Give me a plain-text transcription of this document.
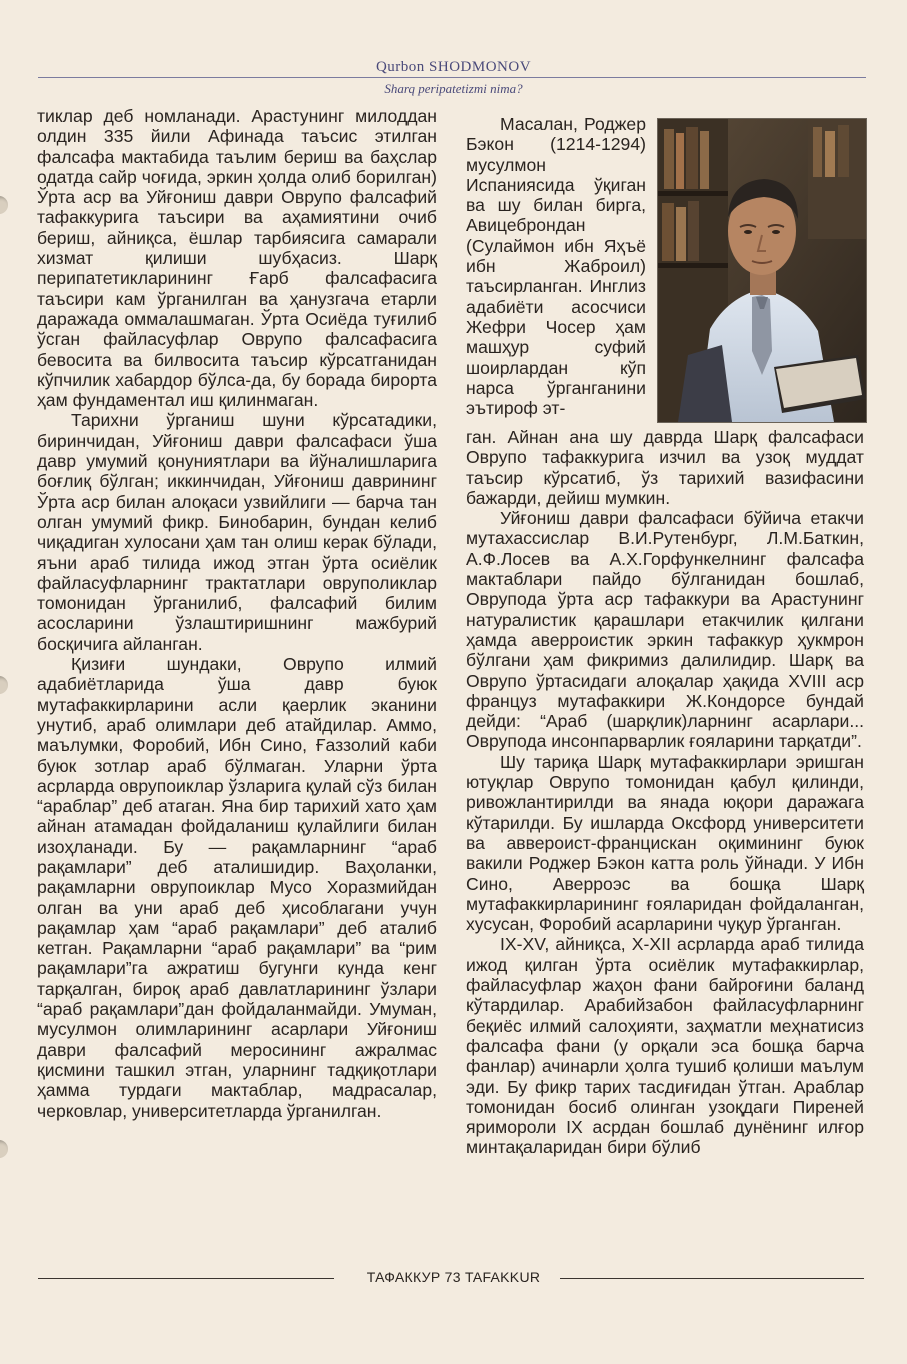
Qurbon SHODMONOV
Sharq peripatetizmi nima?

тиклар деб номланади. Арастунинг милоддан олдин 335 йили Афинада таъсис этилган фалсафа мактабида таълим бериш ва баҳслар одатда сайр чоғида, эркин ҳолда олиб борилган) Ўрта аср ва Уйғониш даври Оврупо фалсафий тафаккурига таъсири ва аҳамиятини очиб бериш, айниқса, ёшлар тарбиясига самарали хизмат қилиши шубҳасиз. Шарқ перипатетикларининг Ғарб фалсафасига таъсири кам ўрганилган ва ҳанузгача етарли даражада оммалашмаган. Ўрта Осиёда туғилиб ўсган файласуфлар Оврупо фалсафасига бевосита ва билвосита таъсир кўрсатганидан кўпчилик хабардор бўлса-да, бу борада бирорта ҳам фундаментал иш қилинмаган.

Тарихни ўрганиш шуни кўрсатадики, биринчидан, Уйғониш даври фалсафаси ўша давр умумий қонуниятлари ва йўналишларига боғлиқ бўлган; иккинчидан, Уйғониш даврининг Ўрта аср билан алоқаси узвийлиги — барча тан олган умумий фикр. Бинобарин, бундан келиб чиқадиган хулосани ҳам тан олиш керак бўлади, яъни араб тилида ижод этган ўрта осиёлик файласуфларнинг трактатлари овруполиклар томонидан ўрганилиб, фалсафий билим асосларини ўзлаштиришнинг мажбурий босқичига айланган.

Қизиғи шундаки, Оврупо илмий адабиётларида ўша давр буюк мутафаккирларини асли қаерлик эканини унутиб, араб олимлари деб атайдилар. Аммо, маълумки, Форобий, Ибн Сино, Ғаззолий каби буюк зотлар араб бўлмаган. Уларни ўрта асрларда оврупоиклар ўзларига қулай сўз билан “араблар” деб атаган. Яна бир тарихий хато ҳам айнан атамадан фойдаланиш қулайлиги билан изоҳланади. Бу — рақамларнинг “араб рақамлари” деб аталишидир. Ваҳоланки, рақамларни оврупоиклар Мусо Хоразмийдан олган ва уни араб деб ҳисоблагани учун рақамлар ҳам “араб рақамлари” деб аталиб кетган. Рақамларни “араб рақамлари” ва “рим рақамлари”га ажратиш бугунги кунда кенг тарқалган, бироқ араб давлатларининг ўзлари “араб рақамлари”дан фойдаланмайди. Умуман, мусулмон олимларининг асарлари Уйғониш даври фалсафий меросининг ажралмас қисмини ташкил этган, уларнинг тадқиқотлари ҳамма турдаги мактаблар, мадрасалар, черковлар, университетларда ўрганилган.

Масалан, Роджер Бэкон (1214-1294) мусулмон Испаниясида ўқиган ва шу билан бирга, Авицеброндан (Сулаймон ибн Яҳъё ибн Жаброил) таъсирланган. Инглиз адабиёти асосчиси Жефри Чосер ҳам машҳур суфий шоирлардан кўп нарса ўрганганини эътироф эт-

ган. Айнан ана шу даврда Шарқ фалсафаси Оврупо тафаккурига изчил ва узоқ муддат таъсир кўрсатиб, ўз тарихий вазифасини бажарди, дейиш мумкин.

Уйғониш даври фалсафаси бўйича етакчи мутахассислар В.И.Рутенбург, Л.М.Баткин, А.Ф.Лосев ва А.Х.Горфункелнинг фалсафа мактаблари пайдо бўлганидан бошлаб, Оврупода ўрта аср тафаккури ва Арастунинг натуралистик қарашлари етакчилик қилгани ҳамда аверроистик эркин тафаккур ҳукмрон бўлгани ҳам фикримиз далилидир. Шарқ ва Оврупо ўртасидаги алоқалар ҳақида XVIII аср француз мутафаккири Ж.Кондорсе бундай дейди: “Араб (шарқлик)ларнинг асарлари... Оврупода инсонпарварлик ғояларини тарқатди”.

Шу тариқа Шарқ мутафаккирлари эришган ютуқлар Оврупо томонидан қабул қилинди, ривожлантирилди ва янада юқори даражага кўтарилди. Бу ишларда Оксфорд университети ва аввероист-францискан оқимининг буюк вакили Роджер Бэкон катта роль ўйнади. У Ибн Сино, Аверроэс ва бошқа Шарқ мутафаккирларининг ғояларидан фойдаланган, хусусан, Форобий асарларини чуқур ўрганган.

IX-XV, айниқса, X-XII асрларда араб тилида ижод қилган ўрта осиёлик мутафаккирлар, файласуфлар жаҳон фани байроғини баланд кўтардилар. Арабийзабон файласуфларнинг беқиёс илмий салоҳияти, заҳматли меҳнатисиз фалсафа фани (у орқали эса бошқа барча фанлар) ачинарли ҳолга тушиб қолиши маълум эди. Бу фикр тарих тасдиғидан ўтган. Араблар томонидан босиб олинган узоқдаги Пиреней яримороли IX асрдан бошлаб дунёнинг илғор минтақаларидан бири бўлиб

ТАФАККУР 73 TAFAKKUR
